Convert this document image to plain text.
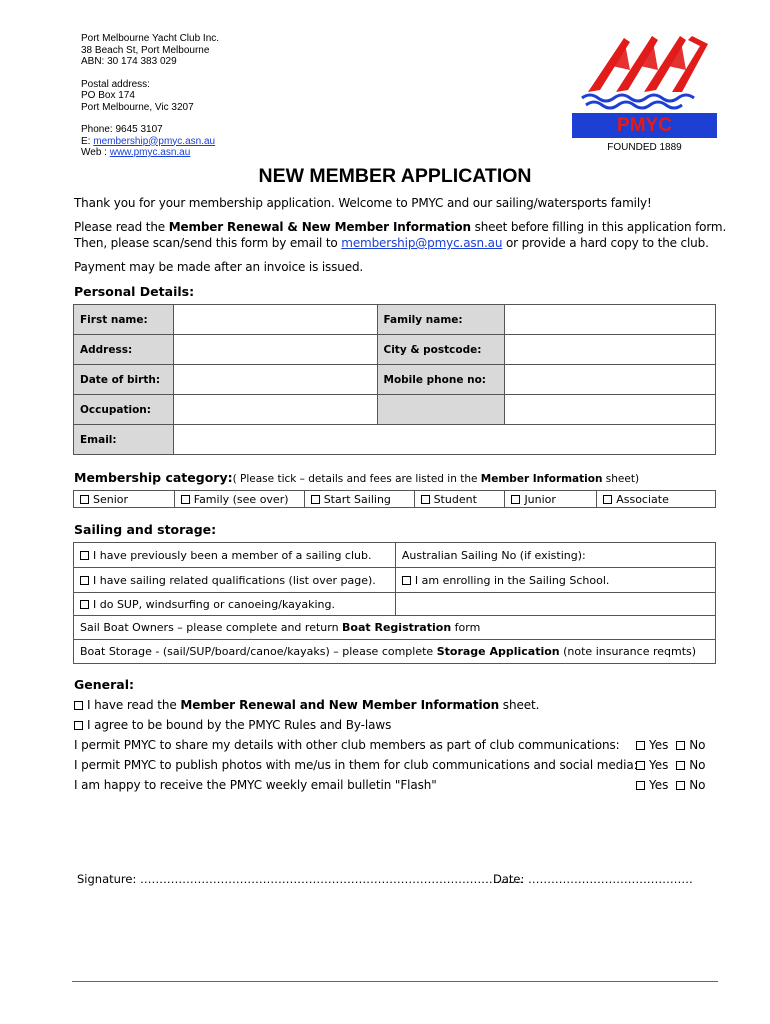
Port Melbourne Yacht Club Inc.
38 Beach St, Port Melbourne
ABN: 30 174 383 029
Postal address:
PO Box 174
Port Melbourne, Vic 3207
Phone: 9645 3107
E: membership@pmyc.asn.au
Web : www.pmyc.asn.au
PMYC
FOUNDED 1889
NEW MEMBER APPLICATION
Thank you for your membership application. Welcome to PMYC and our sailing/watersports family!
Please read the Member Renewal & New Member Information sheet before filling in this application form.
Then, please scan/send this form by email to membership@pmyc.asn.au or provide a hard copy to the club.
Payment may be made after an invoice is issued.
Personal Details:
First name:		Family name:	
Address:		City & postcode:	
Date of birth:		Mobile phone no:	
Occupation:			
Email:			
Membership category:( Please tick – details and fees are listed in the Member Information sheet)
Senior	Family (see over)	Start Sailing	Student	Junior	Associate
Sailing and storage:
I have previously been a member of a sailing club.	Australian Sailing No (if existing):
I have sailing related qualifications (list over page).	I am enrolling in the Sailing School.
I do SUP, windsurfing or canoeing/kayaking.	
Sail Boat Owners – please complete and return Boat Registration form	
Boat Storage - (sail/SUP/board/canoe/kayaks) – please complete Storage Application (note insurance reqmts)	
General:
I have read the Member Renewal and New Member Information sheet.
I agree to be bound by the PMYC Rules and By-laws
I permit PMYC to share my details with other club members as part of club communications:	Yes No
I permit PMYC to publish photos with me/us in them for club communications and social media: Yes No
I am happy to receive the PMYC weekly email bulletin "Flash"	Yes No
Signature: ……………………………………………………………………………………….
Date: …………………………………….
